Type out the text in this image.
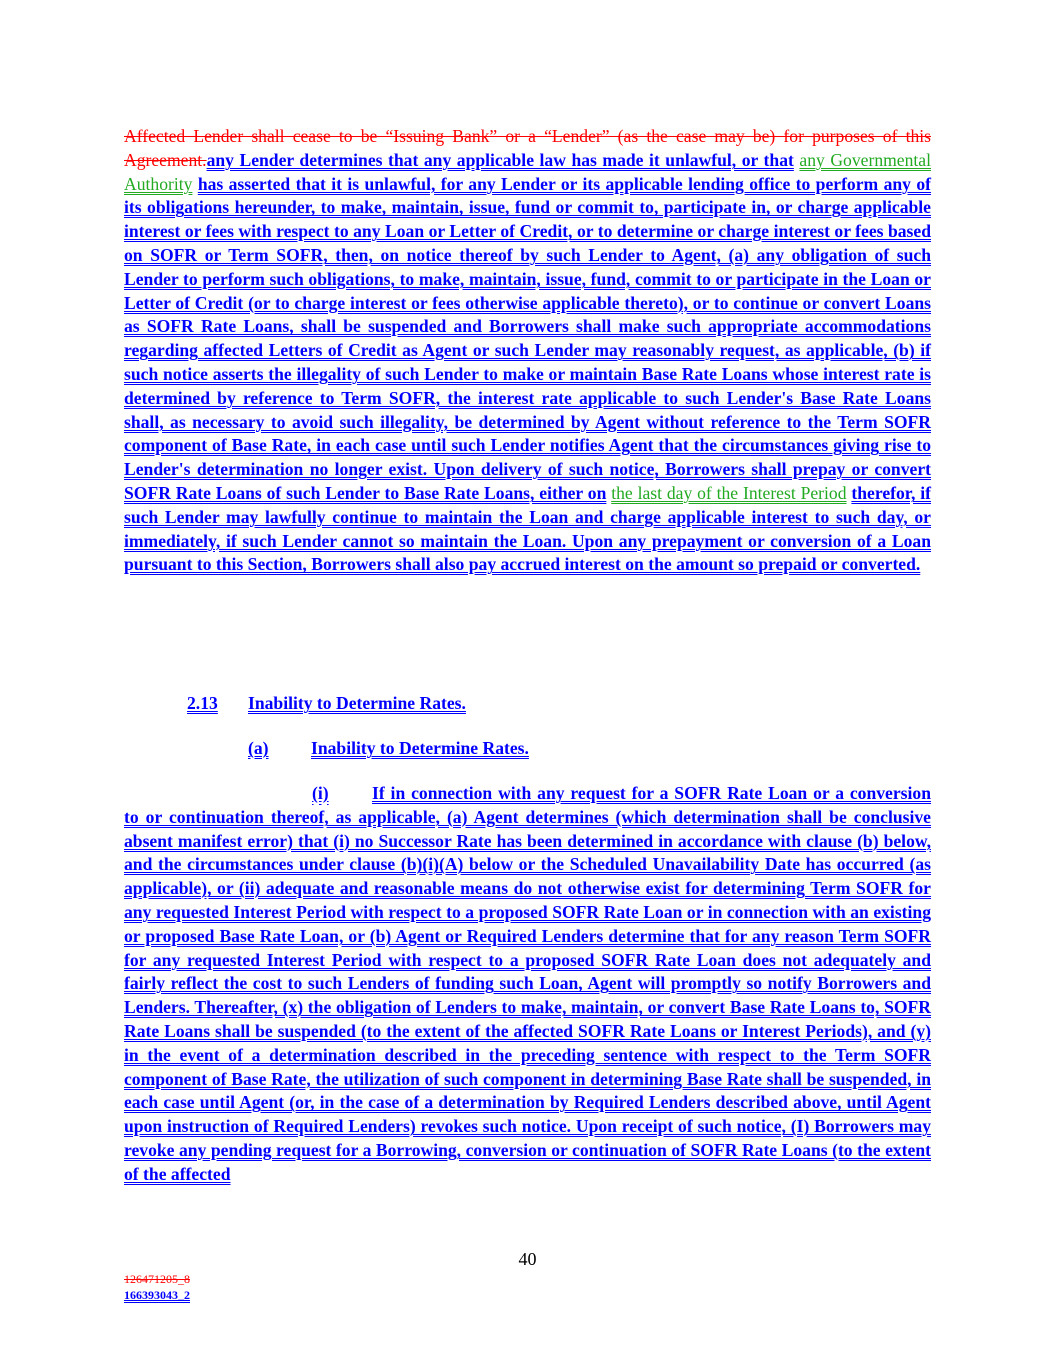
Affected Lender shall cease to be “Issuing Bank” or a “Lender” (as the case may be) for purposes of this Agreement.any Lender determines that any applicable law has made it unlawful, or that any Governmental Authority has asserted that it is unlawful, for any Lender or its applicable lending office to perform any of its obligations hereunder, to make, maintain, issue, fund or commit to, participate in, or charge applicable interest or fees with respect to any Loan or Letter of Credit, or to determine or charge interest or fees based on SOFR or Term SOFR, then, on notice thereof by such Lender to Agent, (a) any obligation of such Lender to perform such obligations, to make, maintain, issue, fund, commit to or participate in the Loan or Letter of Credit (or to charge interest or fees otherwise applicable thereto), or to continue or convert Loans as SOFR Rate Loans, shall be suspended and Borrowers shall make such appropriate accommodations regarding affected Letters of Credit as Agent or such Lender may reasonably request, as applicable, (b) if such notice asserts the illegality of such Lender to make or maintain Base Rate Loans whose interest rate is determined by reference to Term SOFR, the interest rate applicable to such Lender's Base Rate Loans shall, as necessary to avoid such illegality, be determined by Agent without reference to the Term SOFR component of Base Rate, in each case until such Lender notifies Agent that the circumstances giving rise to Lender's determination no longer exist. Upon delivery of such notice, Borrowers shall prepay or convert SOFR Rate Loans of such Lender to Base Rate Loans, either on the last day of the Interest Period therefor, if such Lender may lawfully continue to maintain the Loan and charge applicable interest to such day, or immediately, if such Lender cannot so maintain the Loan. Upon any prepayment or conversion of a Loan pursuant to this Section, Borrowers shall also pay accrued interest on the amount so prepaid or converted.
2.13 Inability to Determine Rates.
(a) Inability to Determine Rates.
(i) If in connection with any request for a SOFR Rate Loan or a conversion to or continuation thereof, as applicable, (a) Agent determines (which determination shall be conclusive absent manifest error) that (i) no Successor Rate has been determined in accordance with clause (b) below, and the circumstances under clause (b)(i)(A) below or the Scheduled Unavailability Date has occurred (as applicable), or (ii) adequate and reasonable means do not otherwise exist for determining Term SOFR for any requested Interest Period with respect to a proposed SOFR Rate Loan or in connection with an existing or proposed Base Rate Loan, or (b) Agent or Required Lenders determine that for any reason Term SOFR for any requested Interest Period with respect to a proposed SOFR Rate Loan does not adequately and fairly reflect the cost to such Lenders of funding such Loan, Agent will promptly so notify Borrowers and Lenders. Thereafter, (x) the obligation of Lenders to make, maintain, or convert Base Rate Loans to, SOFR Rate Loans shall be suspended (to the extent of the affected SOFR Rate Loans or Interest Periods), and (y) in the event of a determination described in the preceding sentence with respect to the Term SOFR component of Base Rate, the utilization of such component in determining Base Rate shall be suspended, in each case until Agent (or, in the case of a determination by Required Lenders described above, until Agent upon instruction of Required Lenders) revokes such notice. Upon receipt of such notice, (I) Borrowers may revoke any pending request for a Borrowing, conversion or continuation of SOFR Rate Loans (to the extent of the affected
40
126471205_8
166393043_2
